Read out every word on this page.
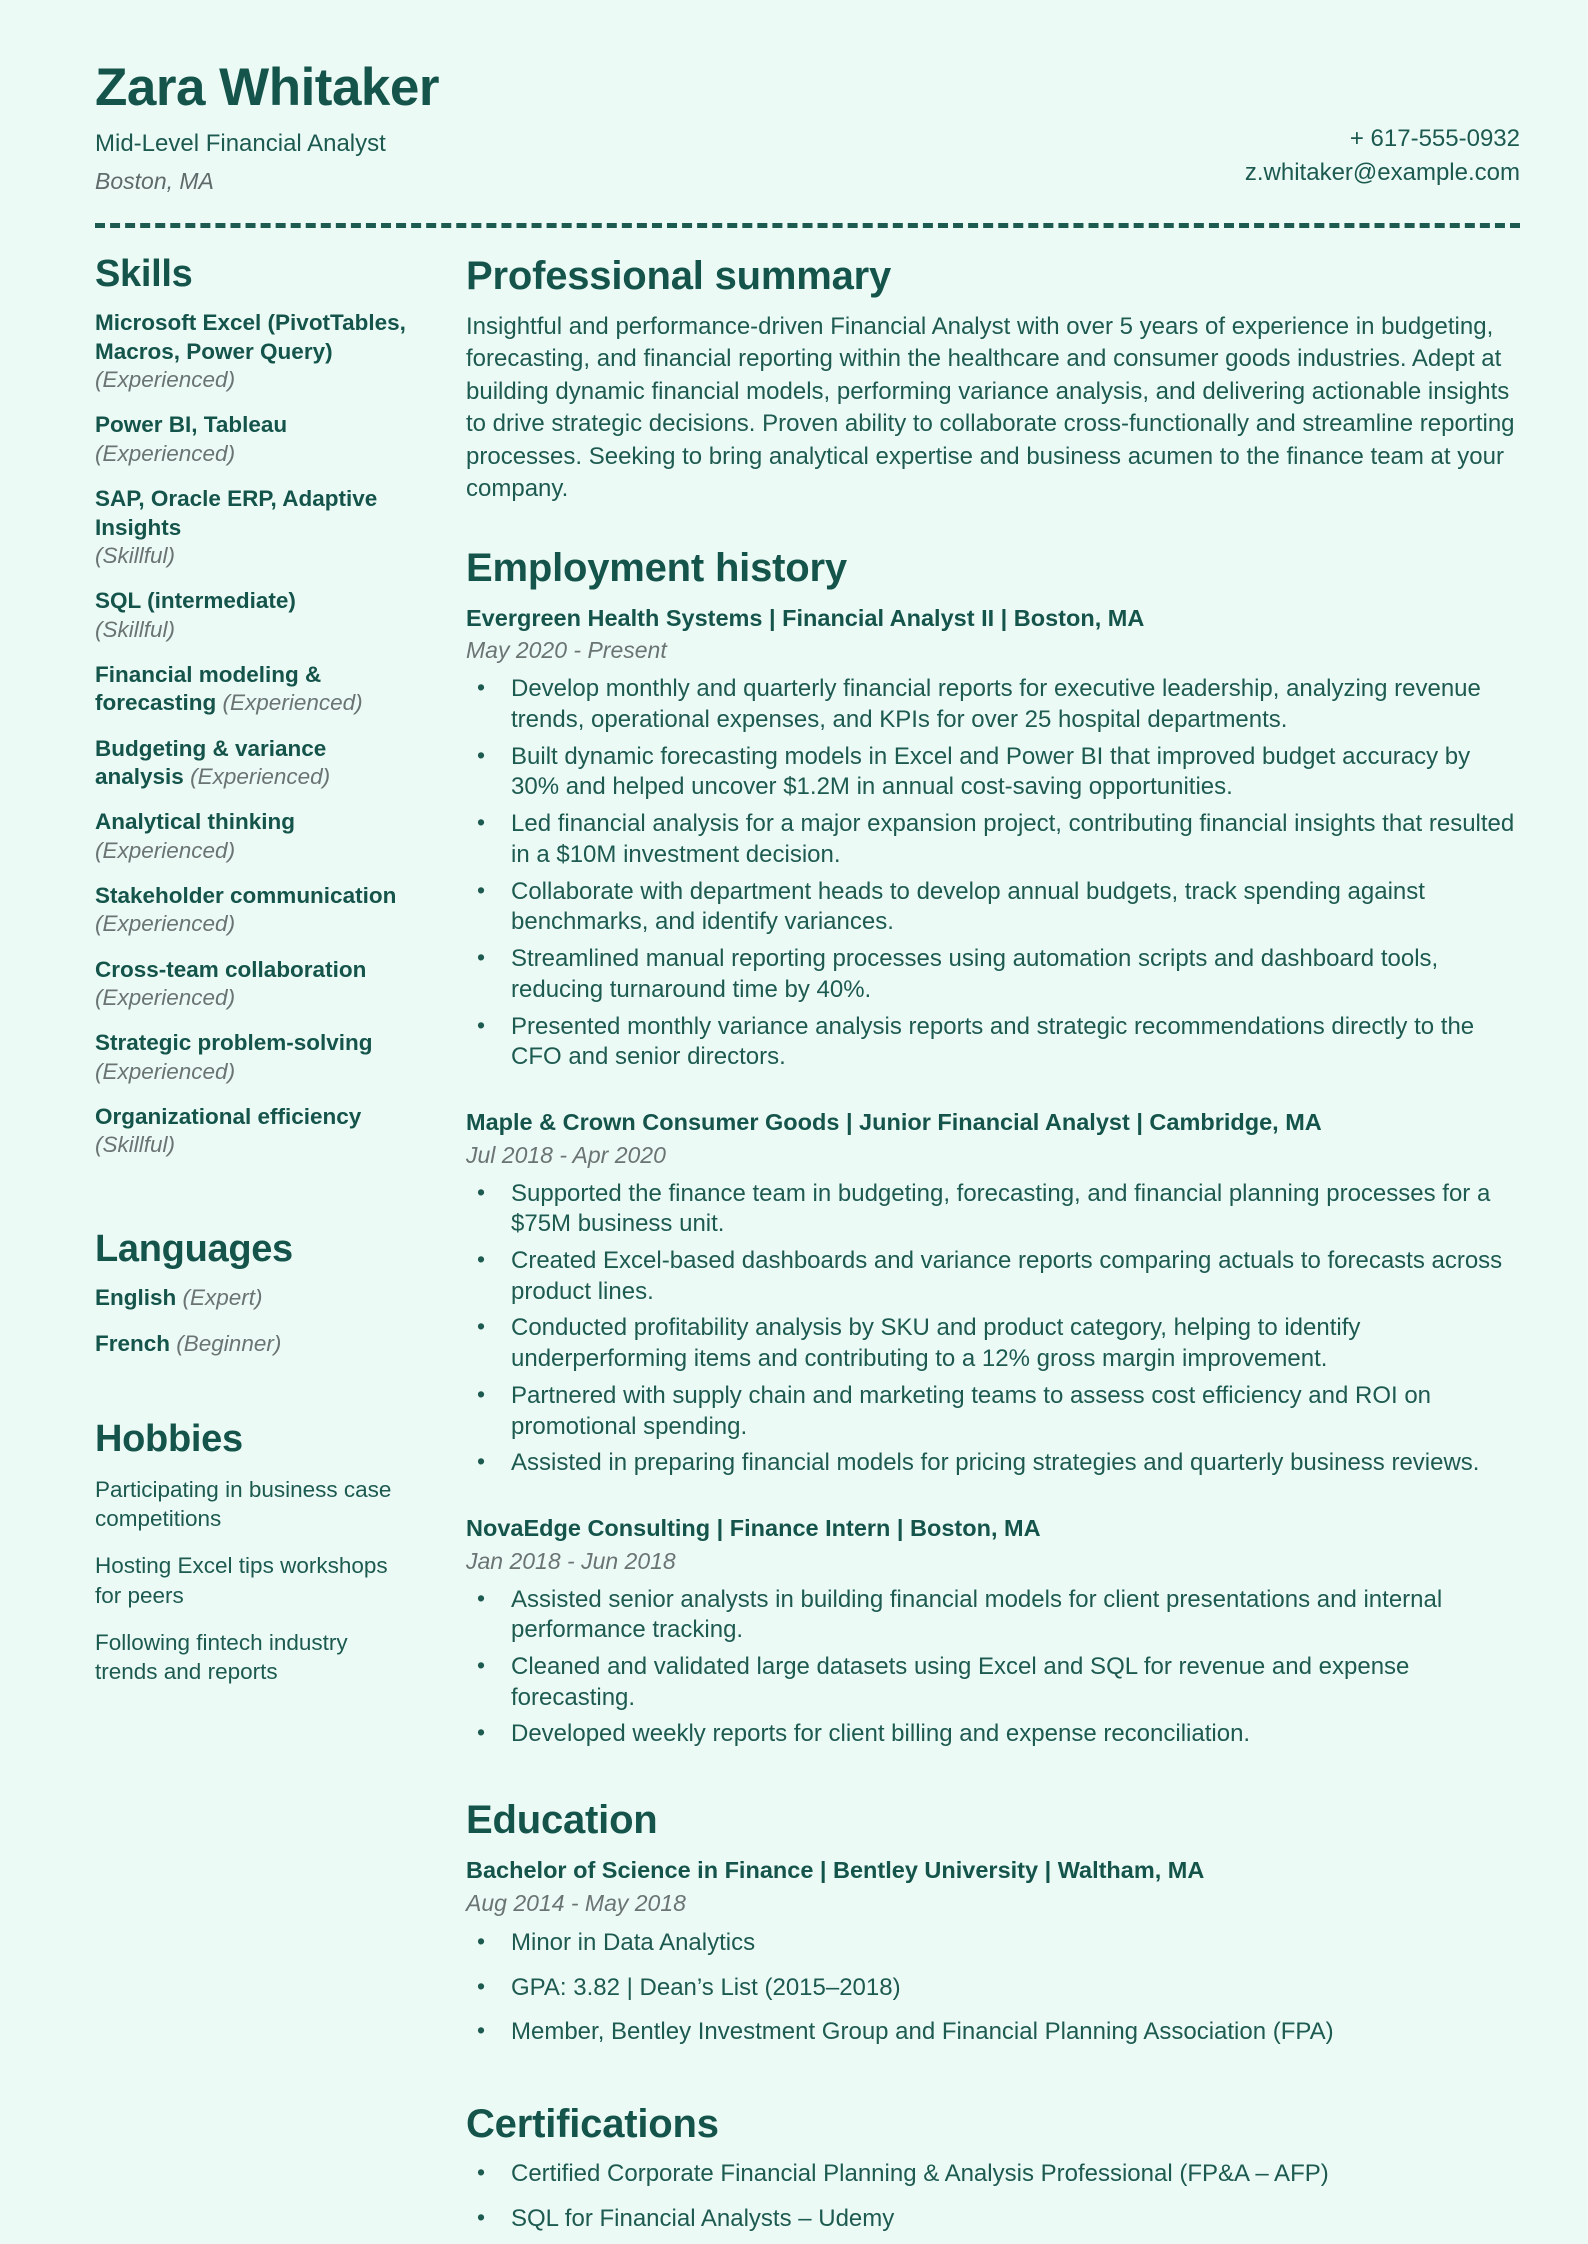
Zara Whitaker
Mid-Level Financial Analyst
Boston, MA
+ 617-555-0932
z.whitaker@example.com
Skills
Microsoft Excel (PivotTables, Macros, Power Query)
(Experienced)
Power BI, Tableau
(Experienced)
SAP, Oracle ERP, Adaptive Insights
(Skillful)
SQL (intermediate)
(Skillful)
Financial modeling & forecasting (Experienced)
Budgeting & variance analysis (Experienced)
Analytical thinking
(Experienced)
Stakeholder communication
(Experienced)
Cross-team collaboration
(Experienced)
Strategic problem-solving (Experienced)
Organizational efficiency
(Skillful)
Languages
English (Expert)
French (Beginner)
Hobbies
Participating in business case competitions
Hosting Excel tips workshops for peers
Following fintech industry trends and reports
Professional summary

Insightful and performance-driven Financial Analyst with over 5 years of experience in budgeting, forecasting, and financial reporting within the healthcare and consumer goods industries. Adept at building dynamic financial models, performing variance analysis, and delivering actionable insights to drive strategic decisions. Proven ability to collaborate cross-functionally and streamline reporting processes. Seeking to bring analytical expertise and business acumen to the finance team at your company.

Employment history
Evergreen Health Systems | Financial Analyst II | Boston, MA
May 2020 - Present
• Develop monthly and quarterly financial reports for executive leadership, analyzing revenue trends, operational expenses, and KPIs for over 25 hospital departments.
• Built dynamic forecasting models in Excel and Power BI that improved budget accuracy by 30% and helped uncover $1.2M in annual cost-saving opportunities.
• Led financial analysis for a major expansion project, contributing financial insights that resulted in a $10M investment decision.
• Collaborate with department heads to develop annual budgets, track spending against benchmarks, and identify variances.
• Streamlined manual reporting processes using automation scripts and dashboard tools, reducing turnaround time by 40%.
• Presented monthly variance analysis reports and strategic recommendations directly to the CFO and senior directors.
Maple & Crown Consumer Goods | Junior Financial Analyst | Cambridge, MA
Jul 2018 - Apr 2020
• Supported the finance team in budgeting, forecasting, and financial planning processes for a $75M business unit.
• Created Excel-based dashboards and variance reports comparing actuals to forecasts across product lines.
• Conducted profitability analysis by SKU and product category, helping to identify underperforming items and contributing to a 12% gross margin improvement.
• Partnered with supply chain and marketing teams to assess cost efficiency and ROI on promotional spending.
• Assisted in preparing financial models for pricing strategies and quarterly business reviews.
NovaEdge Consulting | Finance Intern | Boston, MA
Jan 2018 - Jun 2018
• Assisted senior analysts in building financial models for client presentations and internal performance tracking.
• Cleaned and validated large datasets using Excel and SQL for revenue and expense forecasting.
• Developed weekly reports for client billing and expense reconciliation.
Education
Bachelor of Science in Finance | Bentley University | Waltham, MA
Aug 2014 - May 2018
• Minor in Data Analytics
• GPA: 3.82 | Dean’s List (2015–2018)
• Member, Bentley Investment Group and Financial Planning Association (FPA)
Certifications
• Certified Corporate Financial Planning & Analysis Professional (FP&A – AFP)
• SQL for Financial Analysts – Udemy
